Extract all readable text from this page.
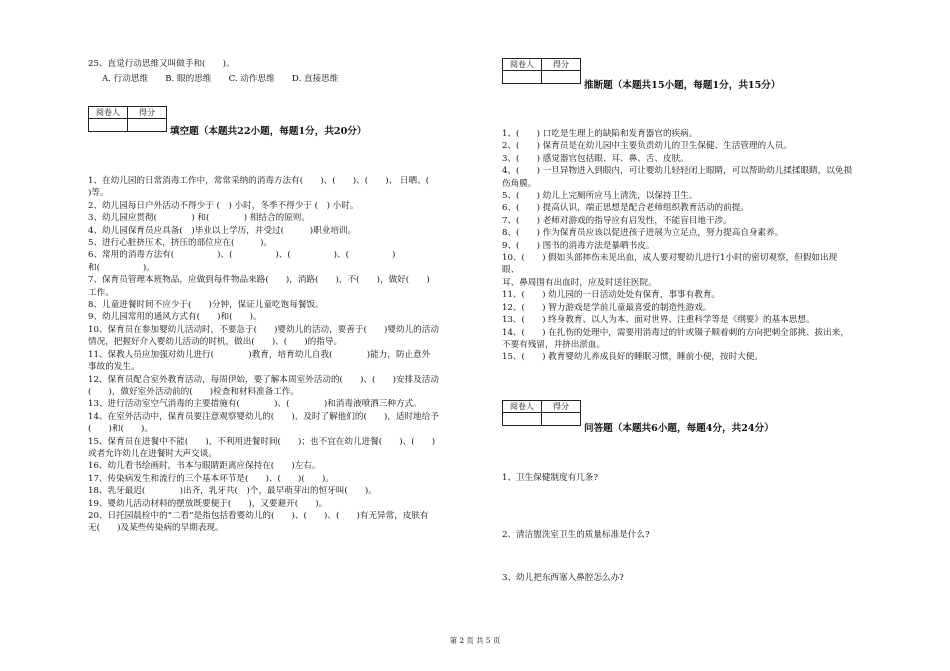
25、直觉行动思维又叫做手和(　　)。
A. 行动思维　　B. 眼的思维　　C. 动作思维　　D. 直接思维
阅卷人	得分

填空题（本题共22小题，每题1分，共20分）
1、在幼儿园的日常消毒工作中，常常采纳的消毒方法有(　　)、(　　)、(　　)、 日晒、(
)等。
2、幼儿园每日户外活动不得少于 (　) 小时，冬季不得少于 (　) 小时。
3、幼儿园应贯彻(　　　　) 和(　　　　) 相结合的原则。
4、幼儿园保育员应具备(　)毕业以上学历，并受过(　　　)职业培训。
5、进行心脏挤压术，挤压的部位应在(　　　)。
6、常用的消毒方法有(　　　　　)、(　　　　　)、(　　　　　)、(　　　　　)
和(　　　　　)。
7、保育员管理本班物品，应做到每件物品来路(　　)，消路(　　)，不(　　)，做好(　　)
工作。
8、儿童进餐时间不应少于(　　)分钟，保证儿童吃饱每餐饭。
9、幼儿园常用的通风方式有(　　)和(　　)。
10、保育员在参加婴幼儿活动时，不要急于(　　)婴幼儿的活动，要善于(　　)婴幼儿的活动
情况，把握好介入婴幼儿活动的时机，做出(　　)、(　　)的指导。
11、保教人员应加强对幼儿进行(　　　　)教育，培育幼儿自我(　　　　)能力，防止意外
事故的发生。
12、保育员配合室外教育活动，每周伊始，要了解本周室外活动的(　　)、(　　)安排及活动
(　　)，做好室外活动前的(　　)检查和材料准备工作。
13、进行活动室空气消毒的主要措施有(　　　　)、(　　　　)和消毒液喷洒三种方式。
14、在室外活动中，保育员要注意观察婴幼儿的(　　)，及时了解他们的(　　)，适时地给予
(　　)和(　　)。
15、保育员在进餐中不能(　　)，不利用进餐时间(　　)；也不宜在幼儿进餐(　　)、(　　)
或者允许幼儿在进餐时大声交谈。
16、幼儿看书绘画时，书本与眼睛距离应保持在(　　)左右。
17、传染病发生和流行的三个基本环节是(　　)、(　　)(　　)。
18、乳牙最迟(　　　　)出齐，乳牙共(　)个，最早萌芽出的恒牙叫(　　)。
19、婴幼儿活动材料的摆放既要便于(　　)，又要避开(　　)。
20、日托园晨检中的“二看”是指包括看婴幼儿的(　　)、(　　)、(　　)有无异常，皮肤有
无(　　)及某些传染病的早期表现。
阅卷人	得分

推断题（本题共15小题，每题1分，共15分）
1、(　　) 口吃是生理上的缺陷和发育器官的疾病。
2、(　　) 保育员是在幼儿园中主要负责幼儿的卫生保健、生活管理的人员。
3、(　　) 感觉器官包括眼、耳、鼻、舌、皮肤。
4、(　　) 一旦异物进入到眼内，可让婴幼儿轻轻闭上眼睛，可以帮助幼儿揉揉眼睛，以免损
伤角膜。
5、(　　) 幼儿上完厕所应马上清洗，以保持卫生。
6、(　　) 提高认识，端正思想是配合老师组织教育活动的前提。
7、(　　) 老师对游戏的指导应有启发性，不能盲目地干涉。
8、(　　) 作为保育员应该以促进孩子进展为立足点，努力提高自身素养。
9、(　　) 图书的消毒方法是暴晒书皮。
10、(　　) 假如头部摔伤未见出血，成人要对婴幼儿进行1小时的密切观察，但假如出现眼、
耳、鼻周围有出血时，应及时送往医院。
11、(　　) 幼儿园的一日活动处处有保育，事事有教育。
12、(　　) 智力游戏是学前儿童最喜爱的制造性游戏。
13、(　　) 终身教育、以人为本、面对世界、注重科学等是《纲要》的基本思想。
14、(　　) 在扎伤的处理中，需要用消毒过的针或镊子顺着刺的方向把刺全部挑、拔出来，
不要有残留，并挤出淤血。
15、(　　) 教育婴幼儿养成良好的睡眠习惯，睡前小便，按时大便。
阅卷人	得分

问答题（本题共6小题，每题4分，共24分）
1、卫生保健制度有几条?
2、清洁盥洗室卫生的质量标准是什么?
3、幼儿把东西塞入鼻腔怎么办?
第 2 页 共 5 页
